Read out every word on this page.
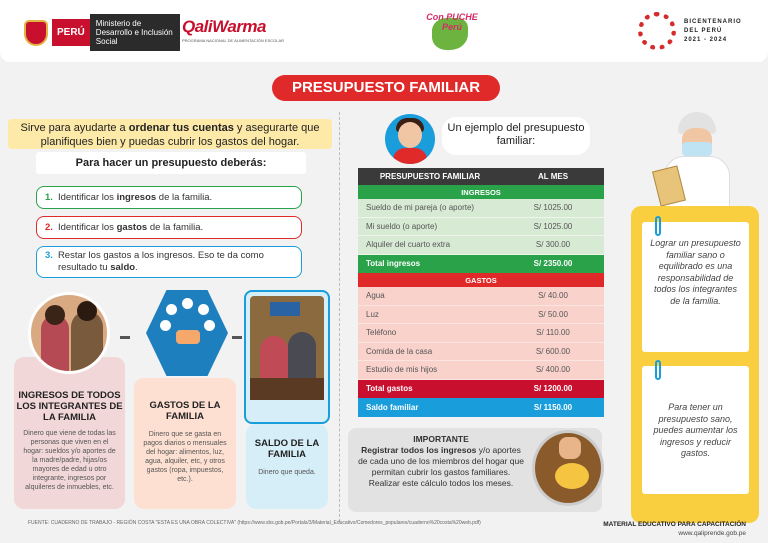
PERÚ
Ministerio de Desarrollo e Inclusión Social
QaliWarma
PROGRAMA NACIONAL DE ALIMENTACIÓN ESCOLAR
Con PUCHE Perú
BICENTENARIO
DEL PERÚ
2021 - 2024
PRESUPUESTO FAMILIAR
Sirve para ayudarte a ordenar tus cuentas y asegurarte que planifiques bien y puedas cubrir los gastos del hogar.
Para hacer un presupuesto deberás:
1. Identificar los ingresos de la familia.
2. Identificar los gastos de la familia.
3. Restar los gastos a los ingresos. Eso te da como resultado tu saldo.
INGRESOS DE TODOS LOS INTEGRANTES DE LA FAMILIA

Dinero que viene de todas las personas que viven en el hogar: sueldos y/o aportes de la madre/padre, hijas/os mayores de edad u otro integrante, ingresos por alquileres de inmuebles, etc.

GASTOS DE LA FAMILIA

Dinero que se gasta en pagos diarios o mensuales del hogar: alimentos, luz, agua, alquiler, etc, y otros gastos (ropa, impuestos, etc.).

SALDO DE LA FAMILIA

Dinero que queda.

Un ejemplo del presupuesto familiar:
PRESUPUESTO FAMILIAR	AL MES
INGRESOS
Sueldo de mi pareja (o aporte)	S/ 1025.00
Mi sueldo (o aporte)	S/ 1025.00
Alquiler del cuarto extra	S/ 300.00
Total ingresos	S/ 2350.00
GASTOS
Agua	S/ 40.00
Luz	S/ 50.00
Teléfono	S/ 110.00
Comida de la casa	S/ 600.00
Estudio de mis hijos	S/ 400.00
Total gastos	S/ 1200.00
Saldo familiar	S/ 1150.00
IMPORTANTE
Registrar todos los ingresos y/o aportes de cada uno de los miembros del hogar que permitan cubrir los gastos familiares. Realizar este cálculo todos los meses.
Lograr un presupuesto familiar sano o equilibrado es una responsabilidad de todos los integrantes de la familia.
Para tener un presupuesto sano, puedes aumentar los ingresos y reducir gastos.
FUENTE: CUADERNO DE TRABAJO - REGIÓN COSTA "ESTA ES UNA OBRA COLECTIVA" (https://www.sbs.gob.pe/Portals/3/Material_Educativo/Comedores_populares/cuaderno%20costa%20web.pdf)	MATERIAL EDUCATIVO PARA CAPACITACIÓN
www.qaliprende.gob.pe
